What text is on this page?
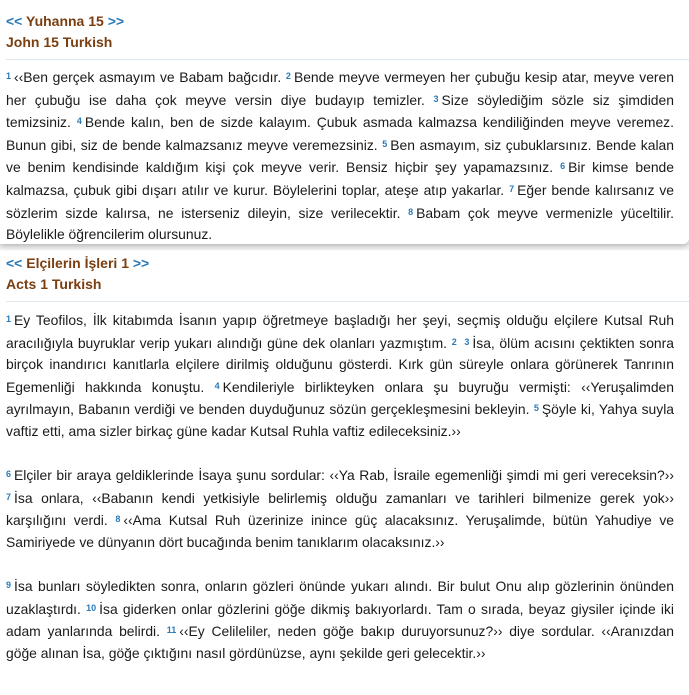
<< Yuhanna 15 >>
John 15 Turkish

$^1$ ‹‹Ben gerçek asmayım ve Babam bağcıdır. $^2$ Bende meyve vermeyen her çubuğu kesip atar, meyve veren her çubuğu ise daha çok meyve versin diye budayıp temizler. $^3$ Size söylediğim sözle siz şimdiden temizsiniz. $^4$ Bende kalın, ben de sizde kalayım. Çubuk asmada kalmazsa kendiliğinden meyve veremez. Bunun gibi, siz de bende kalmazsanız meyve veremezsiniz. $^5$ Ben asmayım, siz çubuklarsınız. Bende kalan ve benim kendisinde kaldığım kişi çok meyve verir. Bensiz hiçbir şey yapamazsınız. $^6$ Bir kimse bende kalmazsa, çubuk gibi dışarı atılır ve kurur. Böylelerini toplar, ateşe atıp yakarlar. $^7$ Eğer bende kalırsanız ve sözlerim sizde kalırsa, ne isterseniz dileyin, size verilecektir. $^8$ Babam çok meyve vermenizle yüceltilir. Böylelikle öğrencilerim olursunuz.

<< Elçilerin İşleri 1 >>
Acts 1 Turkish

$^1$ Ey Teofilos, İlk kitabımda İsanın yapıp öğretmeye başladığı her şeyi, seçmiş olduğu elçilere Kutsal Ruh aracılığıyla buyruklar verip yukarı alındığı güne dek olanları yazmıştım. $^2$ $^3$ İsa, ölüm acısını çektikten sonra birçok inandırıcı kanıtlarla elçilere dirilmiş olduğunu gösterdi. Kırk gün süreyle onlara görünerek Tanrının Egemenliği hakkında konuştu. $^4$ Kendileriyle birlikteyken onlara şu buyruğu vermişti: ‹‹Yeruşalimden ayrılmayın, Babanın verdiği ve benden duyduğunuz sözün gerçekleşmesini bekleyin. $^5$ Şöyle ki, Yahya suyla vaftiz etti, ama sizler birkaç güne kadar Kutsal Ruhla vaftiz edileceksiniz.››

$^6$ Elçiler bir araya geldiklerinde İsaya şunu sordular: ‹‹Ya Rab, İsraile egemenliği şimdi mi geri vereceksin?›› $^7$ İsa onlara, ‹‹Babanın kendi yetkisiyle belirlemiş olduğu zamanları ve tarihleri bilmenize gerek yok›› karşılığını verdi. $^8$ ‹‹Ama Kutsal Ruh üzerinize inince güç alacaksınız. Yeruşalimde, bütün Yahudiye ve Samiriyede ve dünyanın dört bucağında benim tanıklarım olacaksınız.››

$^9$ İsa bunları söyledikten sonra, onların gözleri önünde yukarı alındı. Bir bulut Onu alıp gözlerinin önünden uzaklaştırdı. $^{10}$ İsa giderken onlar gözlerini göğe dikmiş bakıyorlardı. Tam o sırada, beyaz giysiler içinde iki adam yanlarında belirdi. $^{11}$ ‹‹Ey Celileliler, neden göğe bakıp duruyorsunuz?›› diye sordular. ‹‹Aranızdan göğe alınan İsa, göğe çıktığını nasıl gördünüzse, aynı şekilde geri gelecektir.››
